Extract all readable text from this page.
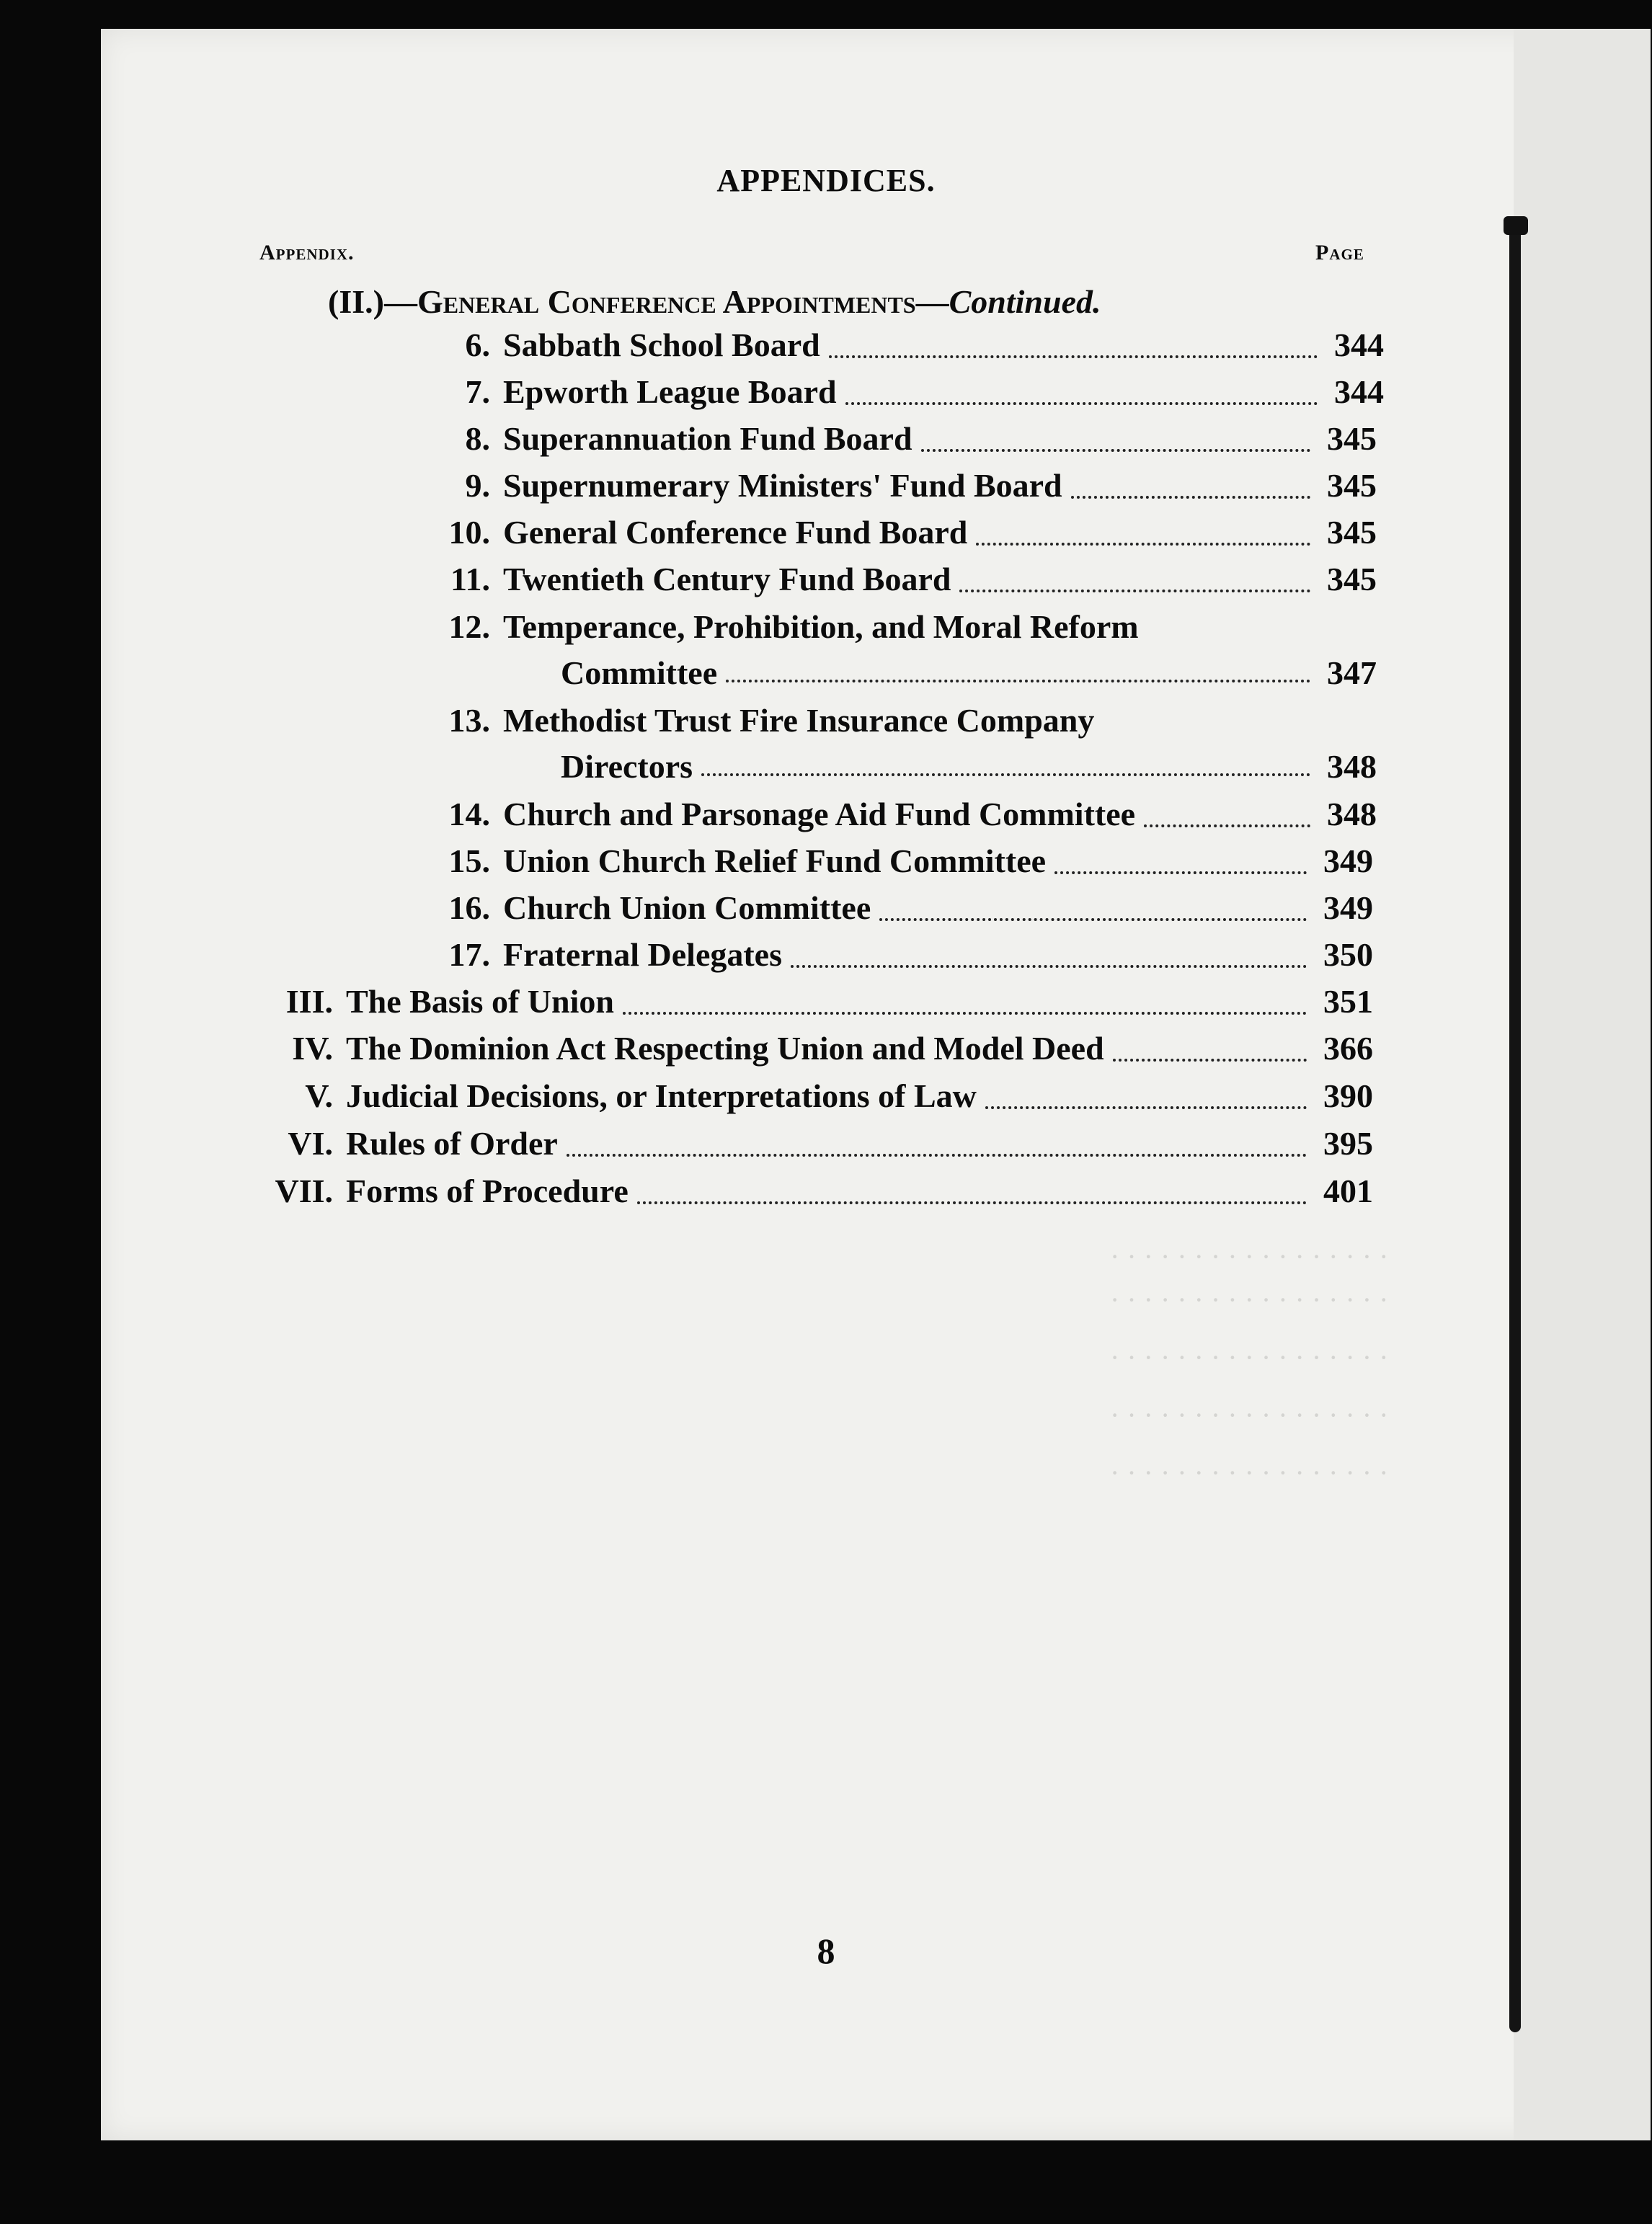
· · · · · · · · · · · · · · · · ·
· · · · · · · · · · · · · · · · ·
· · · · · · · · · · · · · · · · ·
· · · · · · · · · · · · · · · · ·
· · · · · · · · · · · · · · · · ·
APPENDICES.
Appendix.	Page
(II.)—General Conference Appointments—Continued.
6. Sabbath School Board	344
7. Epworth League Board	344
8. Superannuation Fund Board	345
9. Supernumerary Ministers' Fund Board	345
10. General Conference Fund Board	345
11. Twentieth Century Fund Board	345
12. Temperance, Prohibition, and Moral Reform
Committee	347
13. Methodist Trust Fire Insurance Company
Directors	348
14. Church and Parsonage Aid Fund Committee	348
15. Union Church Relief Fund Committee	349
16. Church Union Committee	349
17. Fraternal Delegates	350
III. The Basis of Union	351
IV. The Dominion Act Respecting Union and Model Deed	366
V. Judicial Decisions, or Interpretations of Law	390
VI. Rules of Order	395
VII. Forms of Procedure	401
8
